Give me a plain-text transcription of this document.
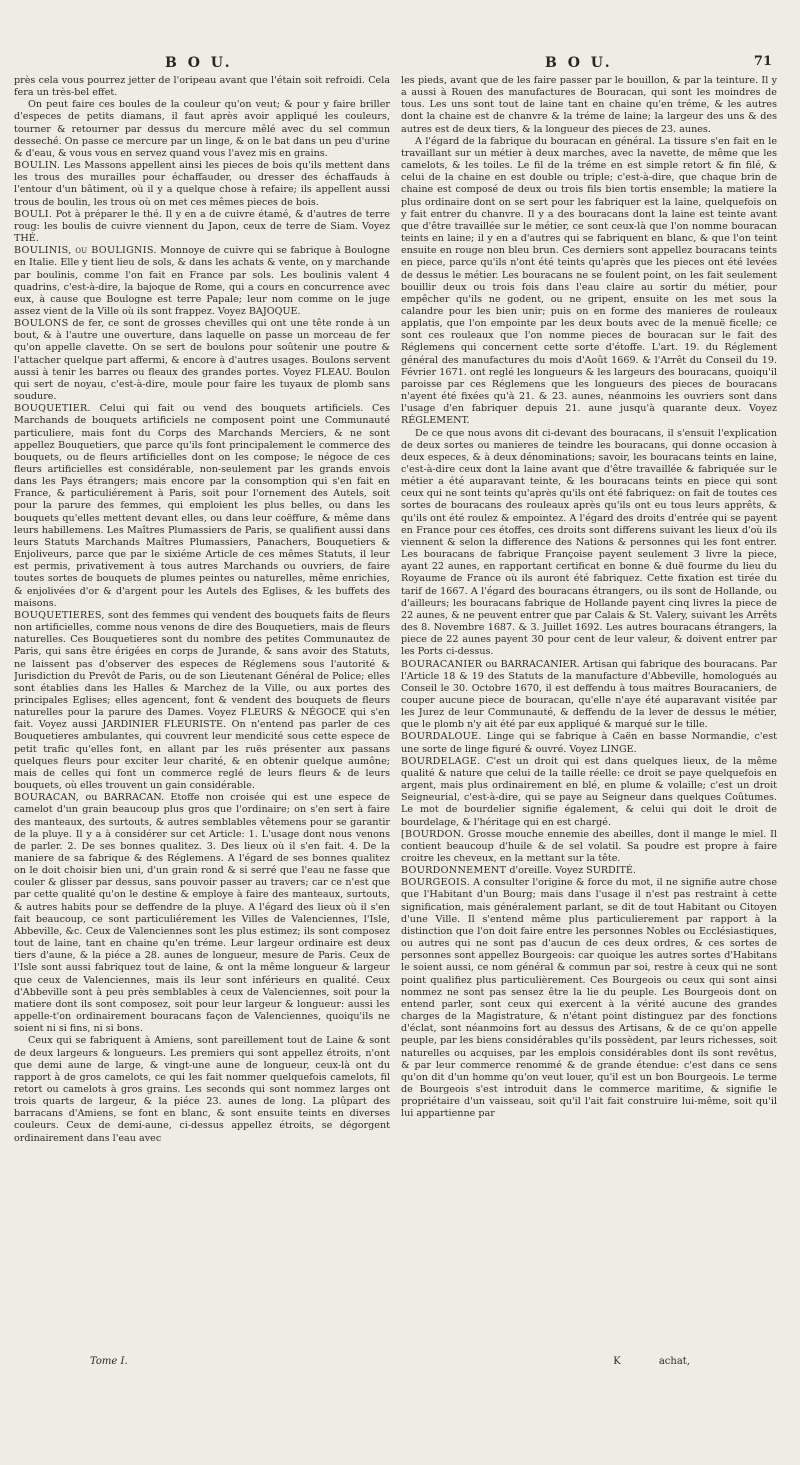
B O U.	B O U.	71

près cela vous pourrez jetter de l'oripeau avant que l'étain soit refroidi. Cela fera un très-bel effet.

On peut faire ces boules de la couleur qu'on veut; & pour y faire briller d'especes de petits diamans, il faut après avoir appliqué les couleurs, tourner & retourner par dessus du mercure mêlé avec du sel commun desseché. On passe ce mercure par un linge, & on le bat dans un peu d'urine & d'eau, & vous vous en servez quand vous l'avez mis en grains.

BOULIN. Les Massons appellent ainsi les pieces de bois qu'ils mettent dans les trous des murailles pour échaffauder, ou dresser des échaffauds à l'entour d'un bâtiment, où il y a quelque chose à refaire; ils appellent aussi trous de boulin, les trous où on met ces mêmes pieces de bois.

BOULI. Pot à préparer le thé. Il y en a de cuivre étamé, & d'autres de terre roug: les boulis de cuivre viennent du Japon, ceux de terre de Siam. Voyez THÉ.

BOULINIS, ou BOULIGNIS. Monnoye de cuivre qui se fabrique à Boulogne en Italie. Elle y tient lieu de sols, & dans les achats & vente, on y marchande par boulinis, comme l'on fait en France par sols. Les boulinis valent 4 quadrins, c'est-à-dire, la bajoque de Rome, qui a cours en concurrence avec eux, à cause que Boulogne est terre Papale; leur nom comme on le juge assez vient de la Ville où ils sont frappez. Voyez BAJOQUE.

BOULONS de fer, ce sont de grosses chevilles qui ont une tête ronde à un bout, & à l'autre une ouverture, dans laquelle on passe un morceau de fer qu'on appelle clavette. On se sert de boulons pour soûtenir une poutre & l'attacher quelque part affermi, & encore à d'autres usages. Boulons servent aussi à tenir les barres ou fleaux des grandes portes. Voyez FLEAU. Boulon qui sert de noyau, c'est-à-dire, moule pour faire les tuyaux de plomb sans soudure.

BOUQUETIER. Celui qui fait ou vend des bouquets artificiels. Ces Marchands de bouquets artificiels ne composent point une Communauté particuliere, mais font du Corps des Marchands Merciers, & ne sont appellez Bouquetiers, que parce qu'ils font principalement le commerce des bouquets, ou de fleurs artificielles dont on les compose; le négoce de ces fleurs artificielles est considérable, non-seulement par les grands envois dans les Pays étrangers; mais encore par la consomption qui s'en fait en France, & particuliérement à Paris, soit pour l'ornement des Autels, soit pour la parure des femmes, qui emploient les plus belles, ou dans les bouquets qu'elles mettent devant elles, ou dans leur coëffure, & même dans leurs habillemens. Les Maîtres Plumassiers de Paris, se qualifient aussi dans leurs Statuts Marchands Maîtres Plumassiers, Panachers, Bouquetiers & Enjoliveurs, parce que par le sixiéme Article de ces mêmes Statuts, il leur est permis, privativement à tous autres Marchands ou ouvriers, de faire toutes sortes de bouquets de plumes peintes ou naturelles, même enrichies, & enjolivées d'or & d'argent pour les Autels des Eglises, & les buffets des maisons.

BOUQUETIERES, sont des femmes qui vendent des bouquets faits de fleurs non artificielles, comme nous venons de dire des Bouquetiers, mais de fleurs naturelles. Ces Bouquetieres sont du nombre des petites Communautez de Paris, qui sans être érigées en corps de Jurande, & sans avoir des Statuts, ne laissent pas d'observer des especes de Réglemens sous l'autorité & Jurisdiction du Prevôt de Paris, ou de son Lieutenant Général de Police; elles sont établies dans les Halles & Marchez de la Ville, ou aux portes des principales Eglises; elles agencent, font & vendent des bouquets de fleurs naturelles pour la parure des Dames. Voyez FLEURS & NÉGOCE qui s'en fait. Voyez aussi JARDINIER FLEURISTE. On n'entend pas parler de ces Bouquetieres ambulantes, qui couvrent leur mendicité sous cette espece de petit trafic qu'elles font, en allant par les ruës présenter aux passans quelques fleurs pour exciter leur charité, & en obtenir quelque aumône; mais de celles qui font un commerce reglé de leurs fleurs & de leurs bouquets, où elles trouvent un gain considérable.

BOURACAN, ou BARRACAN. Etoffe non croisée qui est une espece de camelot d'un grain beaucoup plus gros que l'ordinaire; on s'en sert à faire des manteaux, des surtouts, & autres semblables vêtemens pour se garantir de la pluye. Il y a à considérer sur cet Article: 1. L'usage dont nous venons de parler. 2. De ses bonnes qualitez. 3. Des lieux où il s'en fait. 4. De la maniere de sa fabrique & des Réglemens. A l'égard de ses bonnes qualitez on le doit choisir bien uni, d'un grain rond & si serré que l'eau ne fasse que couler & glisser par dessus, sans pouvoir passer au travers; car ce n'est que par cette qualité qu'on le destine & employe à faire des manteaux, surtouts, & autres habits pour se deffendre de la pluye. A l'égard des lieux où il s'en fait beaucoup, ce sont particuliérement les Villes de Valenciennes, l'Isle, Abbeville, &c. Ceux de Valenciennes sont les plus estimez; ils sont composez tout de laine, tant en chaine qu'en tréme. Leur largeur ordinaire est deux tiers d'aune, & la piéce a 28. aunes de longueur, mesure de Paris. Ceux de l'Isle sont aussi fabriquez tout de laine, & ont la même longueur & largeur que ceux de Valenciennes, mais ils leur sont inférieurs en qualité. Ceux d'Abbeville sont à peu près semblables à ceux de Valenciennes, soit pour la matiere dont ils sont composez, soit pour leur largeur & longueur: aussi les appelle-t'on ordinairement bouracans façon de Valenciennes, quoiqu'ils ne soient ni si fins, ni si bons.

Ceux qui se fabriquent à Amiens, sont pareillement tout de Laine & sont de deux largeurs & longueurs. Les premiers qui sont appellez étroits, n'ont que demi aune de large, & vingt-une aune de longueur, ceux-là ont du rapport à de gros camelots, ce qui les fait nommer quelquefois camelots, fil retort ou camelots à gros grains. Les seconds qui sont nommez larges ont trois quarts de largeur, & la piéce 23. aunes de long. La plûpart des barracans d'Amiens, se font en blanc, & sont ensuite teints en diverses couleurs. Ceux de demi-aune, ci-dessus appellez étroits, se dégorgent ordinairement dans l'eau avec

les pieds, avant que de les faire passer par le bouillon, & par la teinture. Il y a aussi à Rouen des manufactures de Bouracan, qui sont les moindres de tous. Les uns sont tout de laine tant en chaine qu'en tréme, & les autres dont la chaine est de chanvre & la tréme de laine; la largeur des uns & des autres est de deux tiers, & la longueur des pieces de 23. aunes.

A l'égard de la fabrique du bouracan en général. La tissure s'en fait en le travaillant sur un métier à deux marches, avec la navette, de même que les camelots, & les toiles. Le fil de la tréme en est simple retort & fin filé, & celui de la chaine en est double ou triple; c'est-à-dire, que chaque brin de chaine est composé de deux ou trois fils bien tortis ensemble; la matiere la plus ordinaire dont on se sert pour les fabriquer est la laine, quelquefois on y fait entrer du chanvre. Il y a des bouracans dont la laine est teinte avant que d'être travaillée sur le métier, ce sont ceux-là que l'on nomme bouracan teints en laine; il y en a d'autres qui se fabriquent en blanc, & que l'on teint ensuite en rouge non bleu brun. Ces derniers sont appellez bouracans teints en piece, parce qu'ils n'ont été teints qu'après que les pieces ont été levées de dessus le métier. Les bouracans ne se foulent point, on les fait seulement bouillir deux ou trois fois dans l'eau claire au sortir du métier, pour empêcher qu'ils ne godent, ou ne gripent, ensuite on les met sous la calandre pour les bien unir; puis on en forme des manieres de rouleaux applatis, que l'on empointe par les deux bouts avec de la menuë ficelle; ce sont ces rouleaux que l'on nomme pieces de bouracan sur le fait des Réglemens qui concernent cette sorte d'étoffe. L'art. 19. du Réglement général des manufactures du mois d'Août 1669. & l'Arrêt du Conseil du 19. Février 1671. ont reglé les longueurs & les largeurs des bouracans, quoiqu'il paroisse par ces Réglemens que les longueurs des pieces de bouracans n'ayent été fixées qu'à 21. & 23. aunes, néanmoins les ouvriers sont dans l'usage d'en fabriquer depuis 21. aune jusqu'à quarante deux. Voyez RÉGLEMENT.

De ce que nous avons dit ci-devant des bouracans, il s'ensuit l'explication de deux sortes ou manieres de teindre les bouracans, qui donne occasion à deux especes, & à deux dénominations; savoir, les bouracans teints en laine, c'est-à-dire ceux dont la laine avant que d'être travaillée & fabriquée sur le métier a été auparavant teinte, & les bouracans teints en piece qui sont ceux qui ne sont teints qu'après qu'ils ont été fabriquez: on fait de toutes ces sortes de bouracans des rouleaux après qu'ils ont eu tous leurs apprêts, & qu'ils ont été roulez & empointez. A l'égard des droits d'entrée qui se payent en France pour ces étoffes, ces droits sont differens suivant les lieux d'où ils viennent & selon la difference des Nations & personnes qui les font entrer. Les bouracans de fabrique Françoise payent seulement 3 livre la piece, ayant 22 aunes, en rapportant certificat en bonne & duë fourme du lieu du Royaume de France où ils auront été fabriquez. Cette fixation est tirée du tarif de 1667. A l'égard des bouracans étrangers, ou ils sont de Hollande, ou d'ailleurs; les bouracans fabrique de Hollande payent cinq livres la piece de 22 aunes, & ne peuvent entrer que par Calais & St. Valery, suivant les Arrêts des 8. Novembre 1687. & 3. Juillet 1692. Les autres bouracans étrangers, la piece de 22 aunes payent 30 pour cent de leur valeur, & doivent entrer par les Ports ci-dessus.

BOURACANIER ou BARRACANIER. Artisan qui fabrique des bouracans. Par l'Article 18 & 19 des Statuts de la manufacture d'Abbeville, homologués au Conseil le 30. Octobre 1670, il est deffendu à tous maitres Bouracaniers, de couper aucune piece de bouracan, qu'elle n'aye été auparavant visitée par les Jurez de leur Communauté, & deffendu de la lever de dessus le métier, que le plomb n'y ait été par eux appliqué & marqué sur le tille.

BOURDALOUE. Linge qui se fabrique à Caën en basse Normandie, c'est une sorte de linge figuré & ouvré. Voyez LINGE.

BOURDELAGE. C'est un droit qui est dans quelques lieux, de la même qualité & nature que celui de la taille réelle: ce droit se paye quelquefois en argent, mais plus ordinairement en blé, en plume & volaille; c'est un droit Seigneurial, c'est-à-dire, qui se paye au Seigneur dans quelques Coûtumes. Le mot de bourdelier signifie également, & celui qui doit le droit de bourdelage, & l'héritage qui en est chargé.

[BOURDON. Grosse mouche ennemie des abeilles, dont il mange le miel. Il contient beaucoup d'huile & de sel volatil. Sa poudre est propre à faire croitre les cheveux, en la mettant sur la tête.

BOURDONNEMENT d'oreille. Voyez SURDITÉ.

BOURGEOIS. A consulter l'origine & force du mot, il ne signifie autre chose que l'Habitant d'un Bourg; mais dans l'usage il n'est pas restraint à cette signification, mais généralement parlant, se dit de tout Habitant ou Citoyen d'une Ville. Il s'entend même plus particulierement par rapport à la distinction que l'on doit faire entre les personnes Nobles ou Ecclésiastiques, ou autres qui ne sont pas d'aucun de ces deux ordres, & ces sortes de personnes sont appellez Bourgeois: car quoique les autres sortes d'Habitans le soient aussi, ce nom général & commun par soi, restre à ceux qui ne sont point qualifiez plus particulièrement. Ces Bourgeois ou ceux qui sont ainsi nommez ne sont pas sensez être la lie du peuple. Les Bourgeois dont on entend parler, sont ceux qui exercent à la vérité aucune des grandes charges de la Magistrature, & n'étant point distinguez par des fonctions d'éclat, sont néanmoins fort au dessus des Artisans, & de ce qu'on appelle peuple, par les biens considérables qu'ils possèdent, par leurs richesses, soit naturelles ou acquises, par les emplois considérables dont ils sont revêtus, & par leur commerce renommé & de grande étendue: c'est dans ce sens qu'on dit d'un homme qu'on veut louer, qu'il est un bon Bourgeois. Le terme de Bourgeois s'est introduit dans le commerce maritime, & signifie le propriétaire d'un vaisseau, soit qu'il l'ait fait construire lui-même, soit qu'il lui appartienne par

Tome I.	K	achat,
